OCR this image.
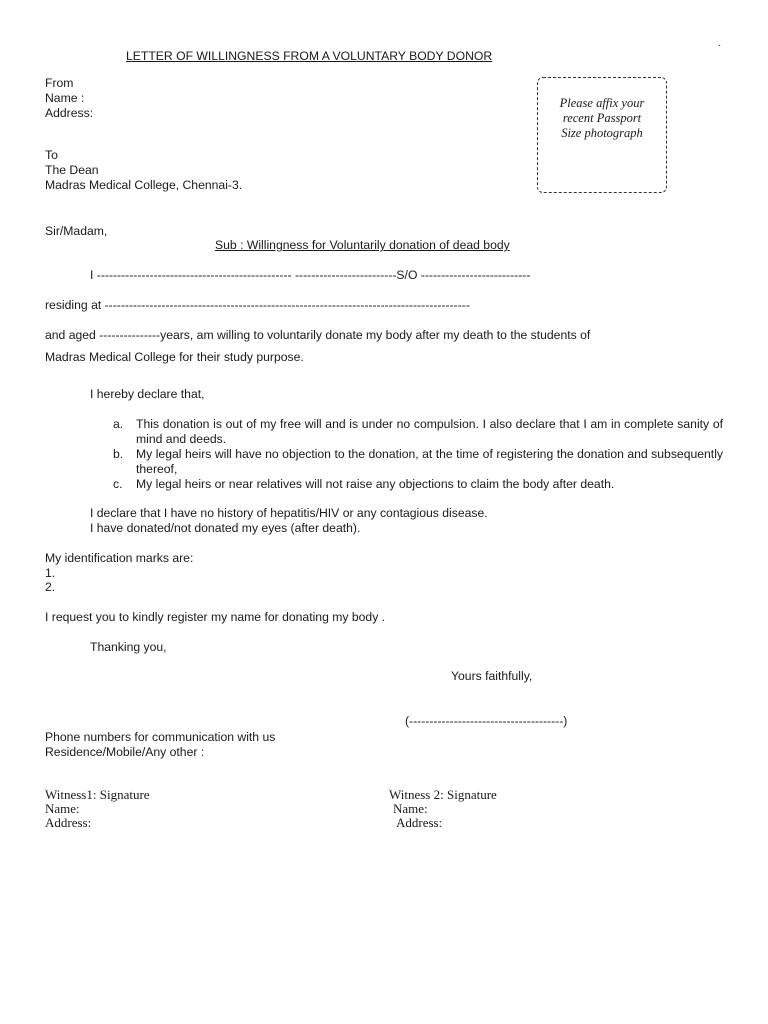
·
LETTER OF WILLINGNESS FROM A VOLUNTARY BODY DONOR
From
Name :
Address:
Please affix your
recent Passport
Size photograph
To
The Dean
Madras Medical College, Chennai-3.
Sir/Madam,
Sub : Willingness for Voluntarily donation of dead body
I ------------------------------------------------ -------------------------S/O ---------------------------
residing at ------------------------------------------------------------------------------------------
and aged ---------------years, am willing to voluntarily donate my body after my death to the students of
Madras Medical College for their study purpose.
I hereby declare that,
a. This donation is out of my free will and is under no compulsion. I also declare that I am in complete sanity of mind and deeds.
b. My legal heirs will have no objection to the donation, at the time of registering the donation and subsequently thereof,
c. My legal heirs or near relatives will not raise any objections to claim the body after death.
I declare that I have no history of hepatitis/HIV or any contagious disease.
I have donated/not donated my eyes (after death).
My identification marks are:
1.
2.
I request you to kindly register my name for donating my body .
Thanking you,
Yours faithfully,
(--------------------------------------)
Phone numbers for communication with us
Residence/Mobile/Any other :
Witness1: Signature
Name:
Address:
Witness 2: Signature
Name:
Address:
